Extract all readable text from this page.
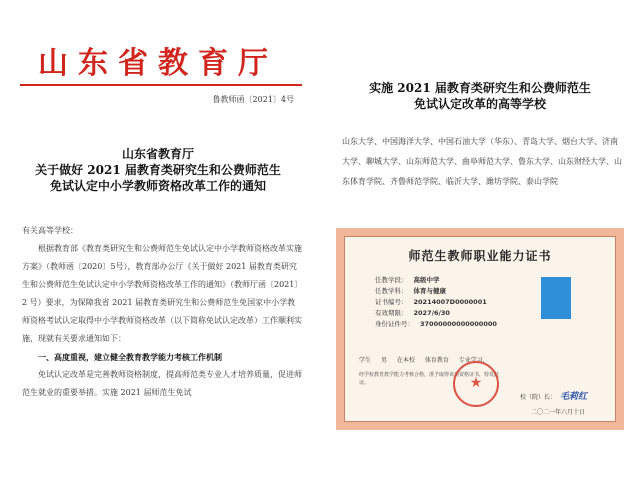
山东省教育厅
鲁教师函〔2021〕4号
山东省教育厅
关于做好 2021 届教育类研究生和公费师范生
免试认定中小学教师资格改革工作的通知

有关高等学校：

根据教育部《教育类研究生和公费师范生免试认定中小学教师资格改革实施方案》（教师函〔2020〕5号），教育部办公厅《关于做好 2021 届教育类研究生和公费师范生免试认定中小学教师资格改革工作的通知》（教师厅函〔2021〕2 号）要求，为保障我省 2021 届教育类研究生和公费师范生免国家中小学教师资格考试认定取得中小学教师资格改革（以下简称免试认定改革）工作顺利实施，现就有关要求通知如下：

一、高度重视，建立健全教育教学能力考核工作机制

免试认定改革是完善教师资格制度，提高师范类专业人才培养质量，促进师范生就业的重要举措。实施 2021 届师范生免试

实施 2021 届教育类研究生和公费师范生
免试认定改革的高等学校
山东大学、中国海洋大学、中国石油大学（华东）、青岛大学、烟台大学、济南大学、聊城大学、山东师范大学、曲阜师范大学、鲁东大学、山东财经大学、山东体育学院、齐鲁师范学院、临沂大学、潍坊学院、泰山学院
师范生教师职业能力证书
任教学段： 高级中学
任教学科： 体育与健康
证书编号： 20214007D0000001
有效期限： 2027/6/30
身份证件号： 37000000000000000
学生 男 在本校 体育教育 专业学习，
经学校教育教学能力考核合格，准予取得该项资格证书，特发此证。	★
校（院）长： 毛莉红
二〇二一年六月十日
